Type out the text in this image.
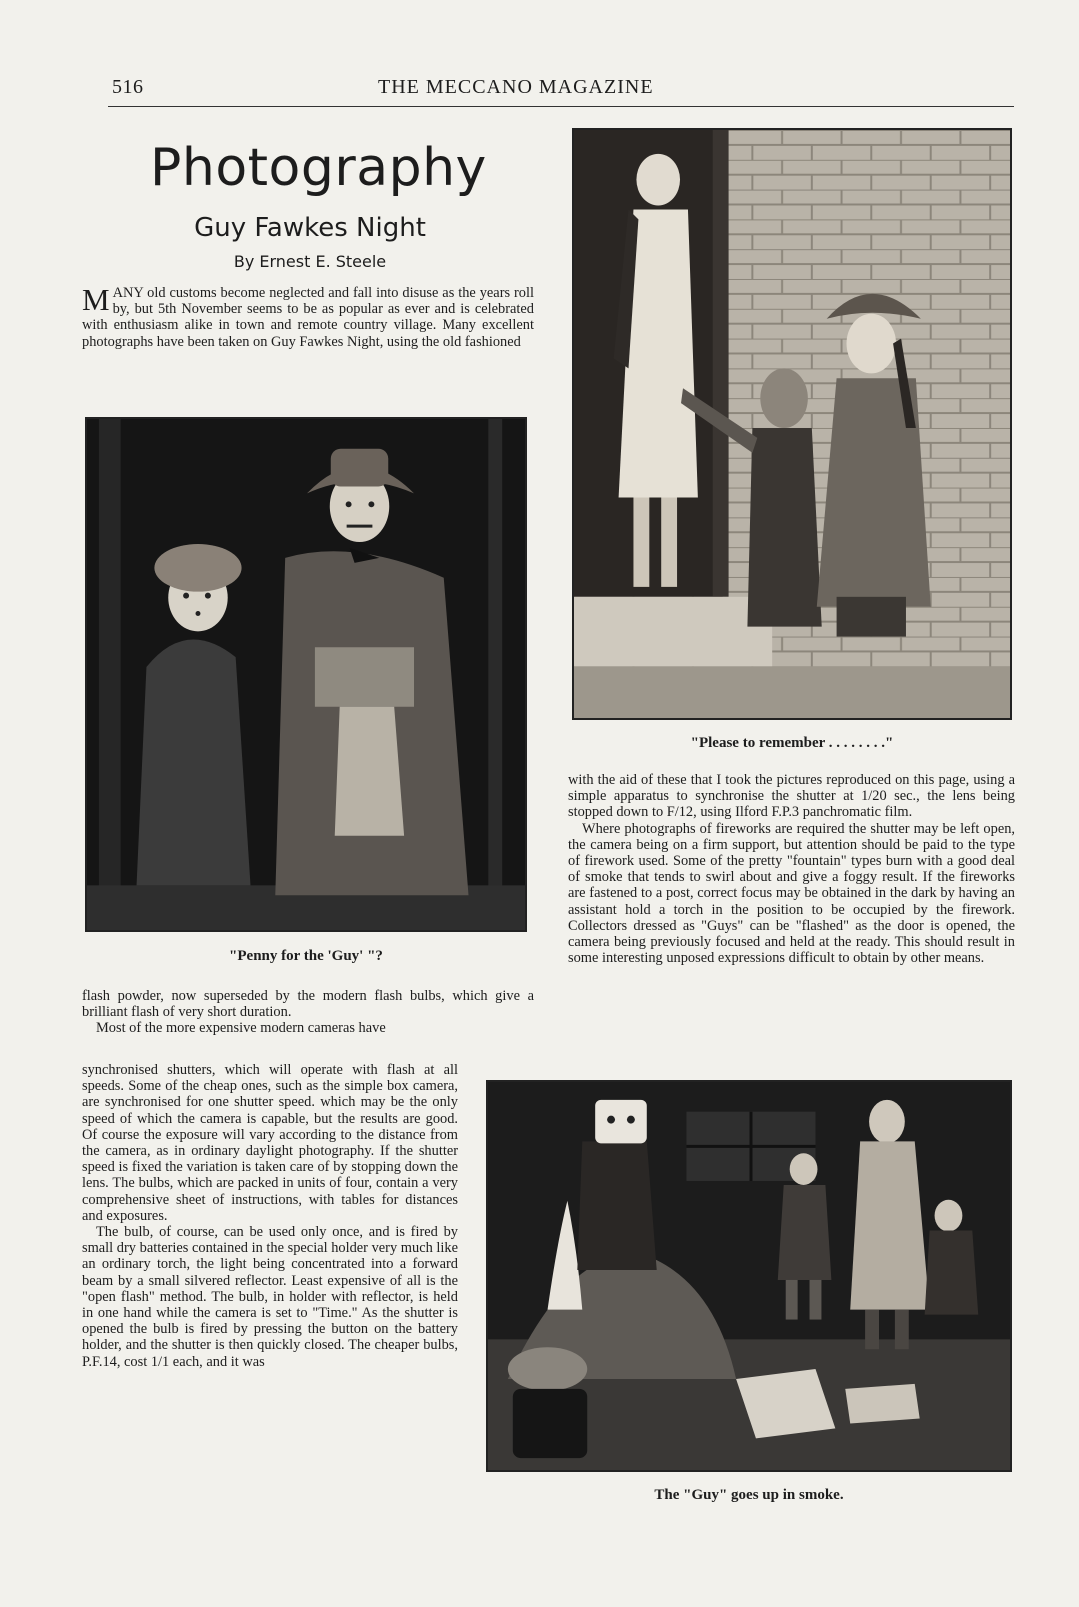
516	THE MECCANO MAGAZINE
Photography
Guy Fawkes Night
By Ernest E. Steele

MANY old customs become neglected and fall into disuse as the years roll by, but 5th November seems to be as popular as ever and is celebrated with enthusiasm alike in town and remote country village. Many excellent photographs have been taken on Guy Fawkes Night, using the old fashioned

"Penny for the 'Guy' "?
"Please to remember . . . . . . . ."

flash powder, now superseded by the modern flash bulbs, which give a brilliant flash of very short duration.

Most of the more expensive modern cameras have

synchronised shutters, which will operate with flash at all speeds. Some of the cheap ones, such as the simple box camera, are synchronised for one shutter speed. which may be the only speed of which the camera is capable, but the results are good. Of course the exposure will vary according to the distance from the camera, as in ordinary daylight photography. If the shutter speed is fixed the variation is taken care of by stopping down the lens. The bulbs, which are packed in units of four, contain a very comprehensive sheet of instructions, with tables for distances and exposures.

The bulb, of course, can be used only once, and is fired by small dry batteries contained in the special holder very much like an ordinary torch, the light being concentrated into a forward beam by a small silvered reflector. Least expensive of all is the "open flash" method. The bulb, in holder with reflector, is held in one hand while the camera is set to "Time." As the shutter is opened the bulb is fired by pressing the button on the battery holder, and the shutter is then quickly closed. The cheaper bulbs, P.F.14, cost 1/1 each, and it was

with the aid of these that I took the pictures reproduced on this page, using a simple apparatus to synchronise the shutter at 1/20 sec., the lens being stopped down to F/12, using Ilford F.P.3 panchromatic film.

Where photographs of fireworks are required the shutter may be left open, the camera being on a firm support, but attention should be paid to the type of firework used. Some of the pretty "fountain" types burn with a good deal of smoke that tends to swirl about and give a foggy result. If the fireworks are fastened to a post, correct focus may be obtained in the dark by having an assistant hold a torch in the position to be occupied by the firework. Collectors dressed as "Guys" can be "flashed" as the door is opened, the camera being previously focused and held at the ready. This should result in some interesting unposed expressions difficult to obtain by other means.

The "Guy" goes up in smoke.
